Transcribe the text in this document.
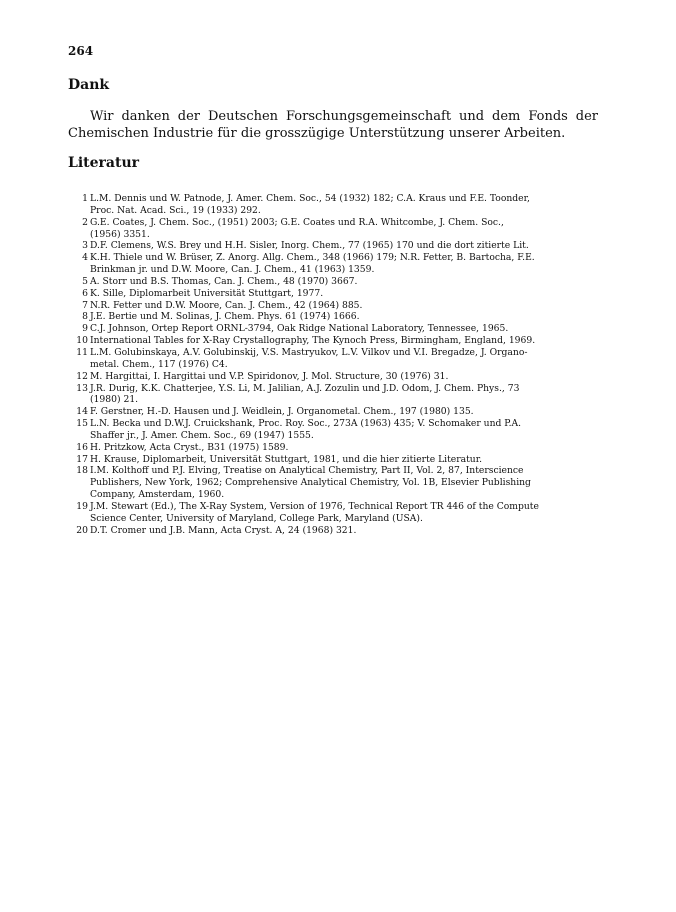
264
Dank
Wir danken der Deutschen Forschungsgemeinschaft und dem Fonds der Chemischen Industrie für die grosszügige Unterstützung unserer Arbeiten.
Literatur
1 L.M. Dennis und W. Patnode, J. Amer. Chem. Soc., 54 (1932) 182; C.A. Kraus und F.E. Toonder,
Proc. Nat. Acad. Sci., 19 (1933) 292.
2 G.E. Coates, J. Chem. Soc., (1951) 2003; G.E. Coates und R.A. Whitcombe, J. Chem. Soc.,
(1956) 3351.
3 D.F. Clemens, W.S. Brey und H.H. Sisler, Inorg. Chem., 77 (1965) 170 und die dort zitierte Lit.
4 K.H. Thiele und W. Brüser, Z. Anorg. Allg. Chem., 348 (1966) 179; N.R. Fetter, B. Bartocha, F.E.
Brinkman jr. und D.W. Moore, Can. J. Chem., 41 (1963) 1359.
5 A. Storr und B.S. Thomas, Can. J. Chem., 48 (1970) 3667.
6 K. Sille, Diplomarbeit Universität Stuttgart, 1977.
7 N.R. Fetter und D.W. Moore, Can. J. Chem., 42 (1964) 885.
8 J.E. Bertie und M. Solinas, J. Chem. Phys. 61 (1974) 1666.
9 C.J. Johnson, Ortep Report ORNL-3794, Oak Ridge National Laboratory, Tennessee, 1965.
10 International Tables for X-Ray Crystallography, The Kynoch Press, Birmingham, England, 1969.
11 L.M. Golubinskaya, A.V. Golubinskij, V.S. Mastryukov, L.V. Vilkov und V.I. Bregadze, J. Organo-
metal. Chem., 117 (1976) C4.
12 M. Hargittai, I. Hargittai und V.P. Spiridonov, J. Mol. Structure, 30 (1976) 31.
13 J.R. Durig, K.K. Chatterjee, Y.S. Li, M. Jalilian, A.J. Zozulin und J.D. Odom, J. Chem. Phys., 73
(1980) 21.
14 F. Gerstner, H.-D. Hausen und J. Weidlein, J. Organometal. Chem., 197 (1980) 135.
15 L.N. Becka und D.W.J. Cruickshank, Proc. Roy. Soc., 273A (1963) 435; V. Schomaker und P.A.
Shaffer jr., J. Amer. Chem. Soc., 69 (1947) 1555.
16 H. Pritzkow, Acta Cryst., B31 (1975) 1589.
17 H. Krause, Diplomarbeit, Universität Stuttgart, 1981, und die hier zitierte Literatur.
18 I.M. Kolthoff und P.J. Elving, Treatise on Analytical Chemistry, Part II, Vol. 2, 87, Interscience
Publishers, New York, 1962; Comprehensive Analytical Chemistry, Vol. 1B, Elsevier Publishing
Company, Amsterdam, 1960.
19 J.M. Stewart (Ed.), The X-Ray System, Version of 1976, Technical Report TR 446 of the Compute
Science Center, University of Maryland, College Park, Maryland (USA).
20 D.T. Cromer und J.B. Mann, Acta Cryst. A, 24 (1968) 321.
